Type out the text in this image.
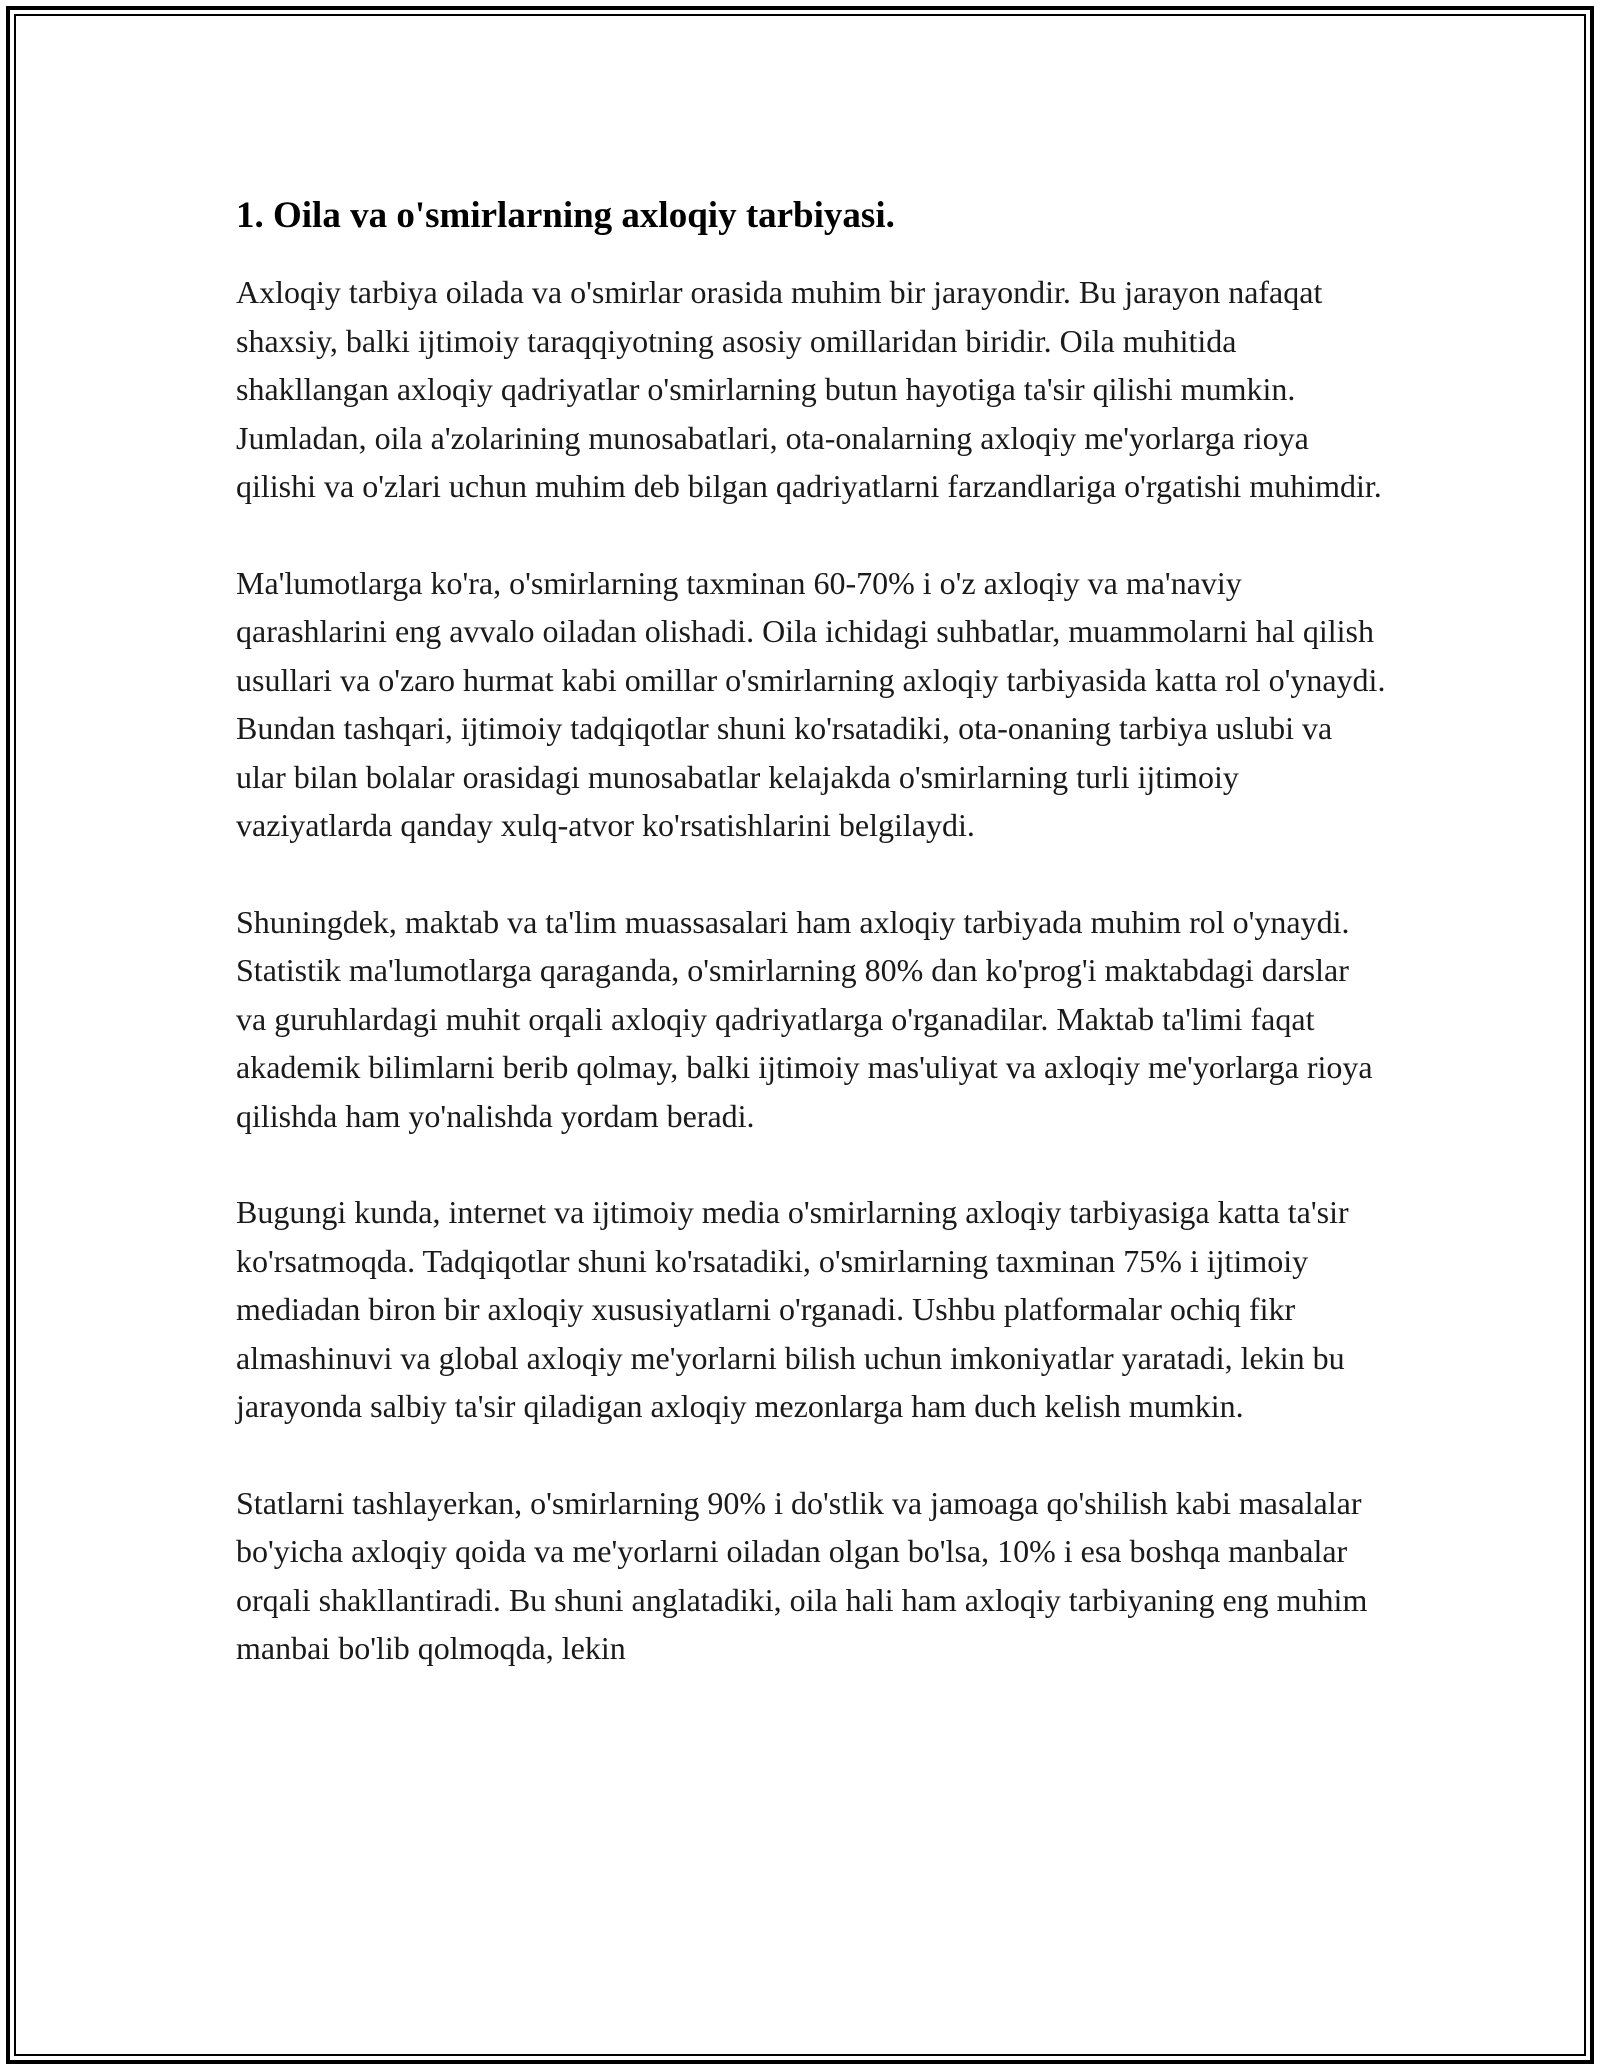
1. Oila va o'smirlarning axloqiy tarbiyasi.

Axloqiy tarbiya oilada va o'smirlar orasida muhim bir jarayondir. Bu jarayon nafaqat shaxsiy, balki ijtimoiy taraqqiyotning asosiy omillaridan biridir. Oila muhitida shakllangan axloqiy qadriyatlar o'smirlarning butun hayotiga ta'sir qilishi mumkin. Jumladan, oila a'zolarining munosabatlari, ota-onalarning axloqiy me'yorlarga rioya qilishi va o'zlari uchun muhim deb bilgan qadriyatlarni farzandlariga o'rgatishi muhimdir.

Ma'lumotlarga ko'ra, o'smirlarning taxminan 60-70% i o'z axloqiy va ma'naviy qarashlarini eng avvalo oiladan olishadi. Oila ichidagi suhbatlar, muammolarni hal qilish usullari va o'zaro hurmat kabi omillar o'smirlarning axloqiy tarbiyasida katta rol o'ynaydi. Bundan tashqari, ijtimoiy tadqiqotlar shuni ko'rsatadiki, ota-onaning tarbiya uslubi va ular bilan bolalar orasidagi munosabatlar kelajakda o'smirlarning turli ijtimoiy vaziyatlarda qanday xulq-atvor ko'rsatishlarini belgilaydi.

Shuningdek, maktab va ta'lim muassasalari ham axloqiy tarbiyada muhim rol o'ynaydi. Statistik ma'lumotlarga qaraganda, o'smirlarning 80% dan ko'prog'i maktabdagi darslar va guruhlardagi muhit orqali axloqiy qadriyatlarga o'rganadilar. Maktab ta'limi faqat akademik bilimlarni berib qolmay, balki ijtimoiy mas'uliyat va axloqiy me'yorlarga rioya qilishda ham yo'nalishda yordam beradi.

Bugungi kunda, internet va ijtimoiy media o'smirlarning axloqiy tarbiyasiga katta ta'sir ko'rsatmoqda. Tadqiqotlar shuni ko'rsatadiki, o'smirlarning taxminan 75% i ijtimoiy mediadan biron bir axloqiy xususiyatlarni o'rganadi. Ushbu platformalar ochiq fikr almashinuvi va global axloqiy me'yorlarni bilish uchun imkoniyatlar yaratadi, lekin bu jarayonda salbiy ta'sir qiladigan axloqiy mezonlarga ham duch kelish mumkin.

Statlarni tashlayerkan, o'smirlarning 90% i do'stlik va jamoaga qo'shilish kabi masalalar bo'yicha axloqiy qoida va me'yorlarni oiladan olgan bo'lsa, 10% i esa boshqa manbalar orqali shakllantiradi. Bu shuni anglatadiki, oila hali ham axloqiy tarbiyaning eng muhim manbai bo'lib qolmoqda, lekin
